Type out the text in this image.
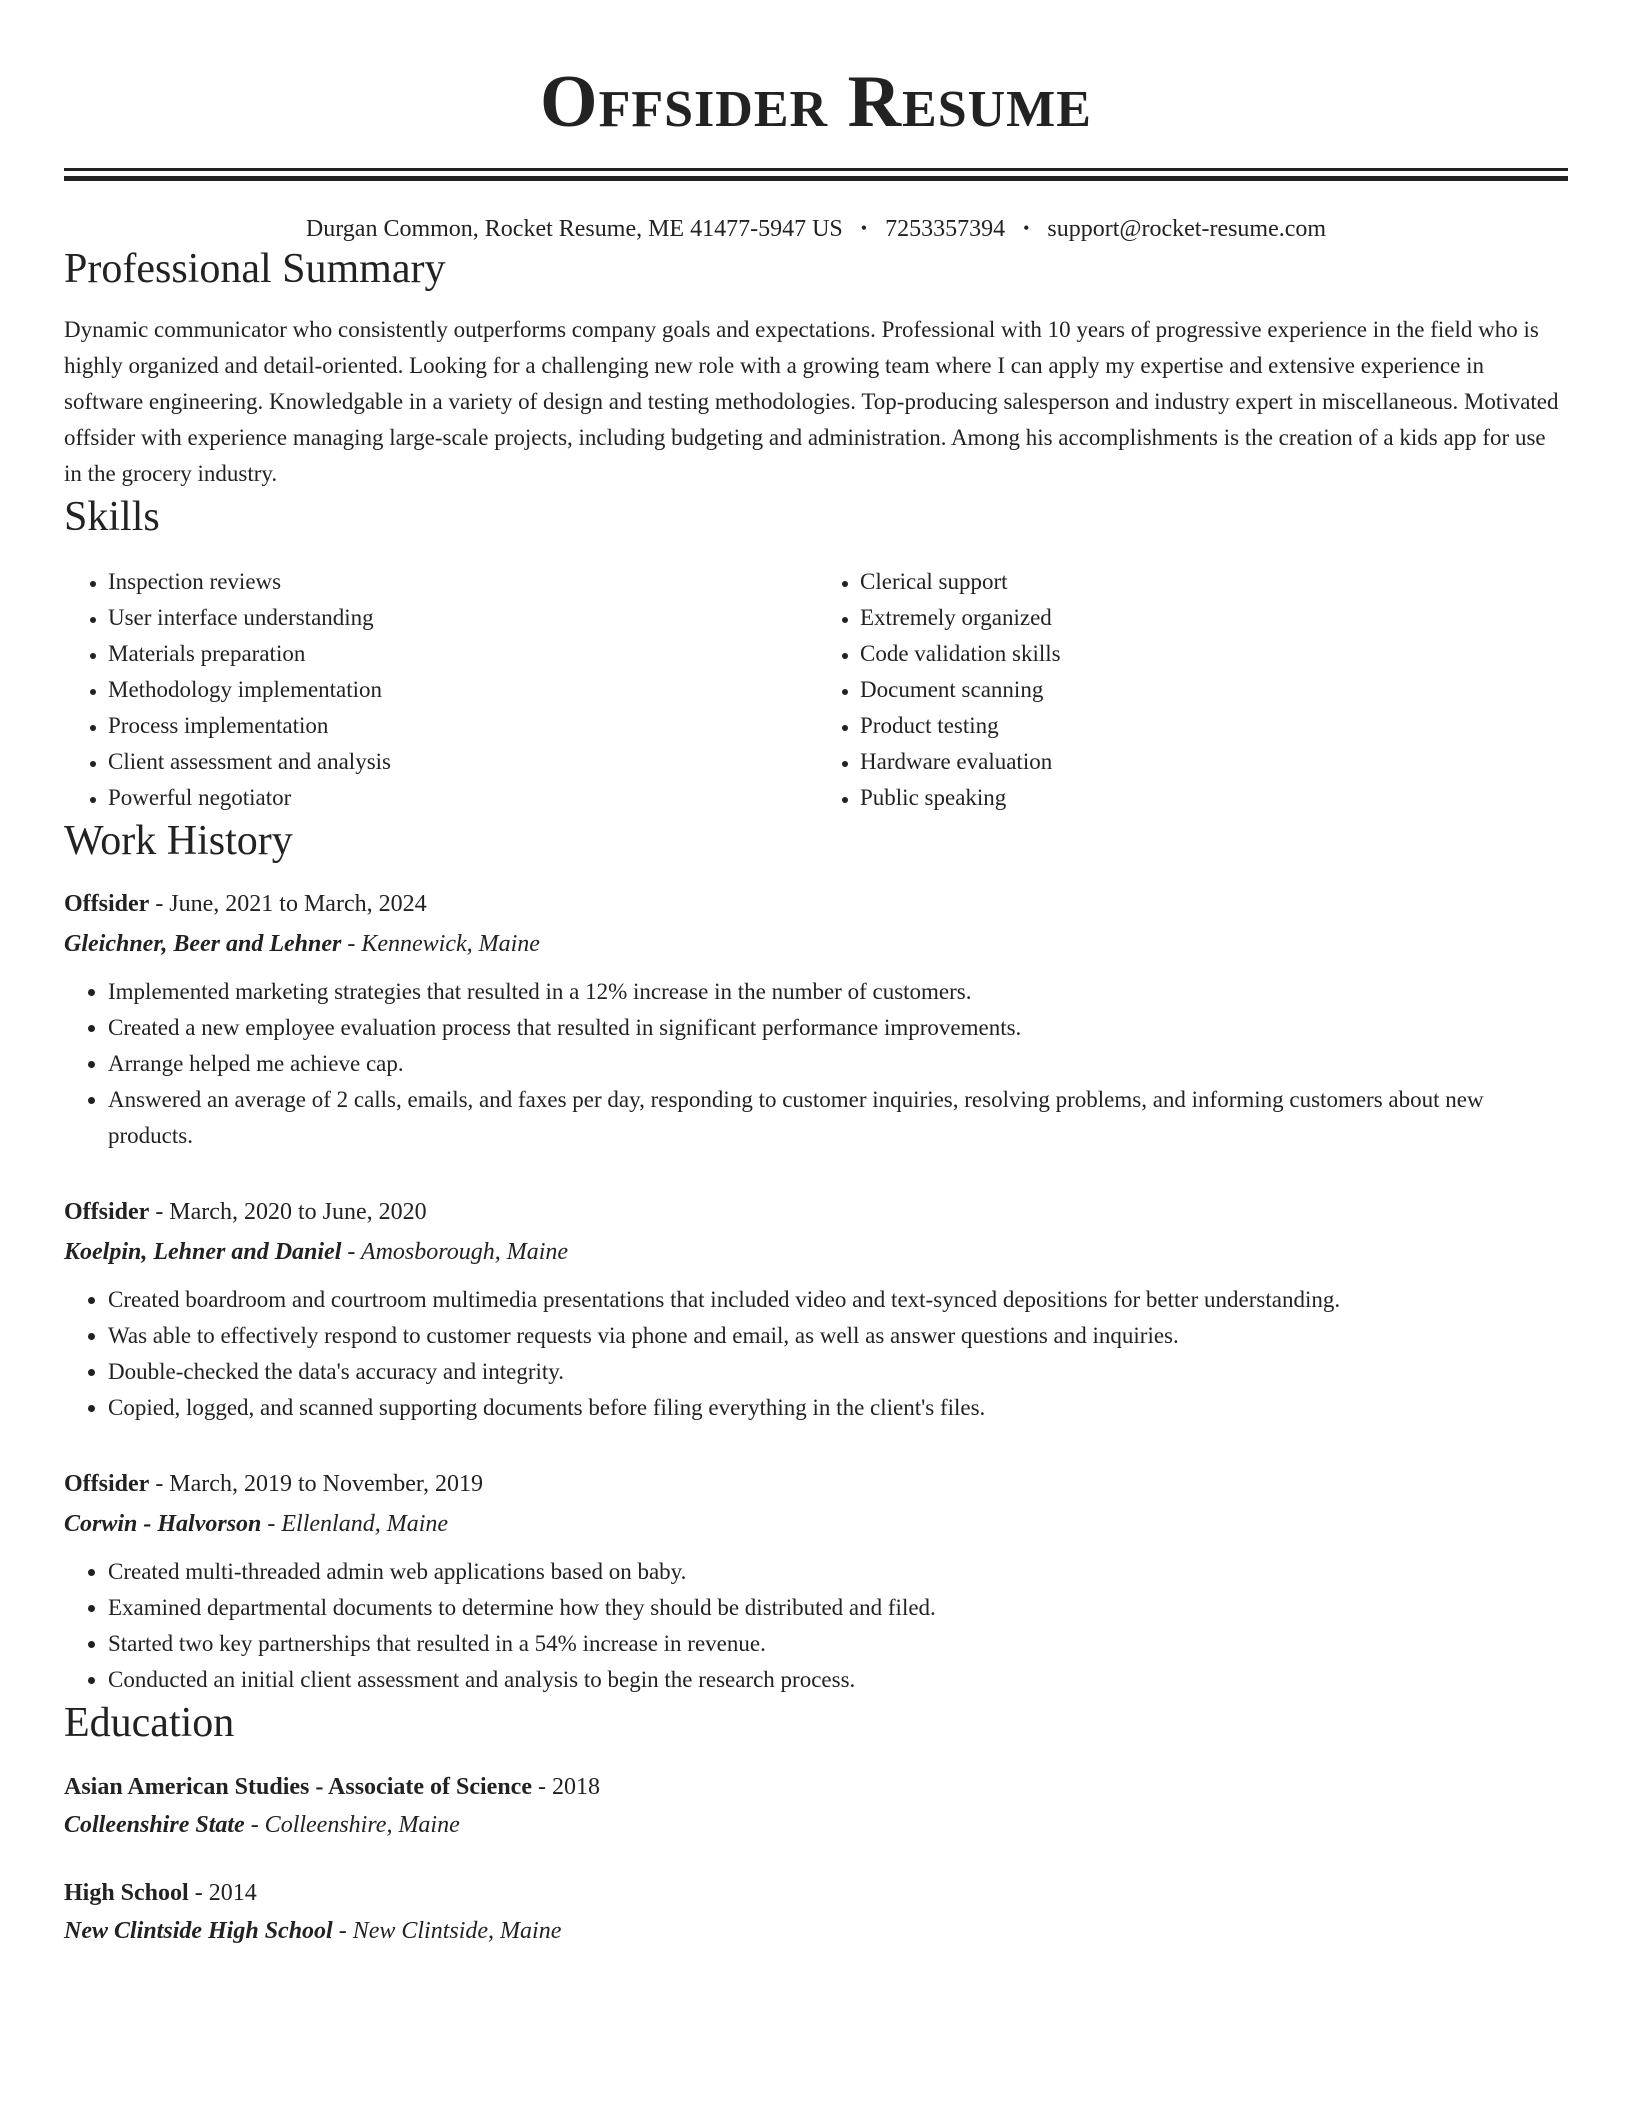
Offsider Resume
Durgan Common, Rocket Resume, ME 41477-5947 US • 7253357394 • support@rocket-resume.com
Professional Summary
Dynamic communicator who consistently outperforms company goals and expectations. Professional with 10 years of progressive experience in the field who is highly organized and detail-oriented. Looking for a challenging new role with a growing team where I can apply my expertise and extensive experience in software engineering. Knowledgable in a variety of design and testing methodologies. Top-producing salesperson and industry expert in miscellaneous. Motivated offsider with experience managing large-scale projects, including budgeting and administration. Among his accomplishments is the creation of a kids app for use in the grocery industry.
Skills
• Inspection reviews
• User interface understanding
• Materials preparation
• Methodology implementation
• Process implementation
• Client assessment and analysis
• Powerful negotiator
• Clerical support
• Extremely organized
• Code validation skills
• Document scanning
• Product testing
• Hardware evaluation
• Public speaking
Work History
Offsider - June, 2021 to March, 2024
Gleichner, Beer and Lehner - Kennewick, Maine
• Implemented marketing strategies that resulted in a 12% increase in the number of customers.
• Created a new employee evaluation process that resulted in significant performance improvements.
• Arrange helped me achieve cap.
• Answered an average of 2 calls, emails, and faxes per day, responding to customer inquiries, resolving problems, and informing customers about new products.
Offsider - March, 2020 to June, 2020
Koelpin, Lehner and Daniel - Amosborough, Maine
• Created boardroom and courtroom multimedia presentations that included video and text-synced depositions for better understanding.
• Was able to effectively respond to customer requests via phone and email, as well as answer questions and inquiries.
• Double-checked the data's accuracy and integrity.
• Copied, logged, and scanned supporting documents before filing everything in the client's files.
Offsider - March, 2019 to November, 2019
Corwin - Halvorson - Ellenland, Maine
• Created multi-threaded admin web applications based on baby.
• Examined departmental documents to determine how they should be distributed and filed.
• Started two key partnerships that resulted in a 54% increase in revenue.
• Conducted an initial client assessment and analysis to begin the research process.
Education
Asian American Studies - Associate of Science - 2018
Colleenshire State - Colleenshire, Maine
High School - 2014
New Clintside High School - New Clintside, Maine
